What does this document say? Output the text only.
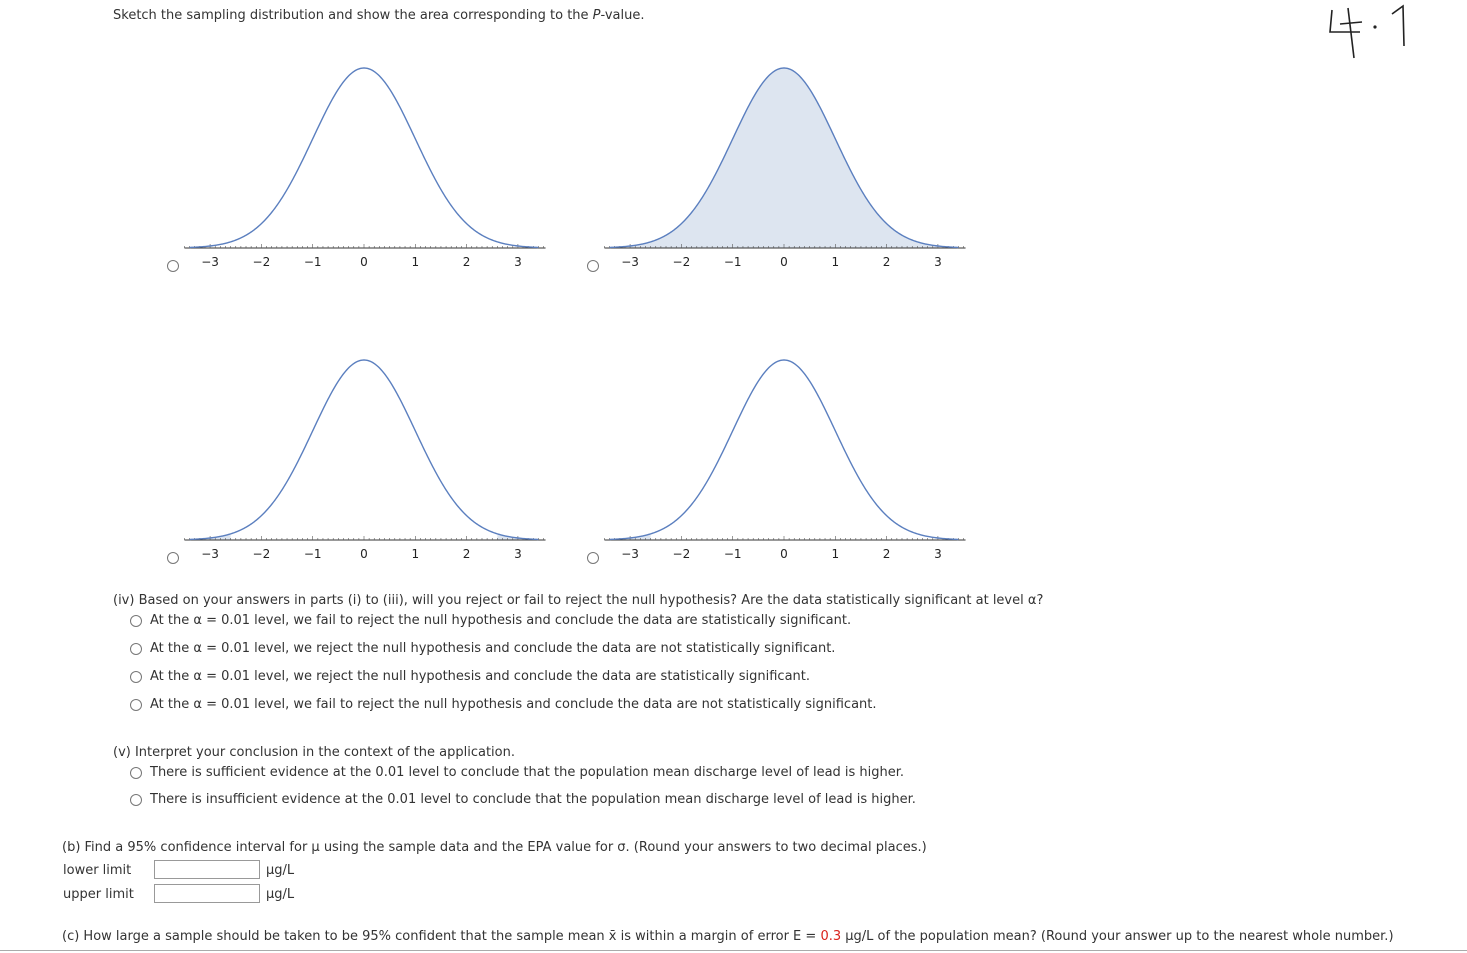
Sketch the sampling distribution and show the area corresponding to the P-value.
−3	−2	−1	0	1	2	3	−3	−2	−1	0	1	2	3
−3	−2	−1	0	1	2	3	−3	−2	−1	0	1	2	3
(iv) Based on your answers in parts (i) to (iii), will you reject or fail to reject the null hypothesis? Are the data statistically significant at level α?
At the α = 0.01 level, we fail to reject the null hypothesis and conclude the data are statistically significant.
At the α = 0.01 level, we reject the null hypothesis and conclude the data are not statistically significant.
At the α = 0.01 level, we reject the null hypothesis and conclude the data are statistically significant.
At the α = 0.01 level, we fail to reject the null hypothesis and conclude the data are not statistically significant.
(v) Interpret your conclusion in the context of the application.
There is sufficient evidence at the 0.01 level to conclude that the population mean discharge level of lead is higher.
There is insufficient evidence at the 0.01 level to conclude that the population mean discharge level of lead is higher.
(b) Find a 95% confidence interval for μ using the sample data and the EPA value for σ. (Round your answers to two decimal places.)
lower limit	μg/L
upper limit	μg/L
(c) How large a sample should be taken to be 95% confident that the sample mean x̄ is within a margin of error E = 0.3 μg/L of the population mean? (Round your answer up to the nearest whole number.)
